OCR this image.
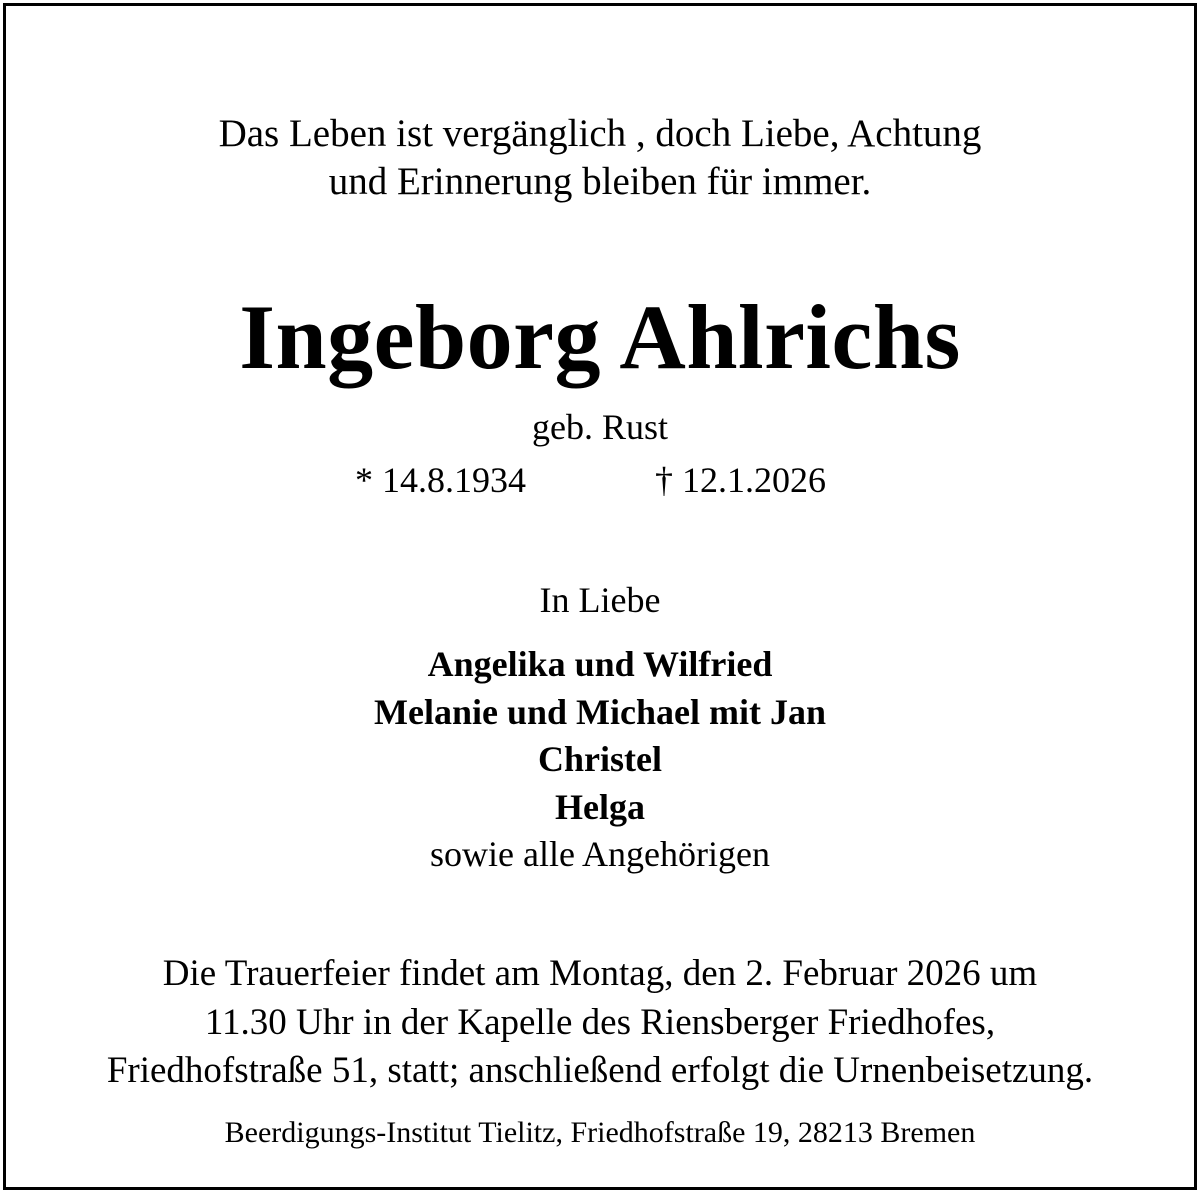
Das Leben ist vergänglich , doch Liebe, Achtung
und Erinnerung bleiben für immer.
Ingeborg Ahlrichs
geb. Rust
* 14.8.1934	† 12.1.2026
In Liebe
Angelika und Wilfried
Melanie und Michael mit Jan
Christel
Helga
sowie alle Angehörigen
Die Trauerfeier findet am Montag, den 2. Februar 2026 um
11.30 Uhr in der Kapelle des Riensberger Friedhofes,
Friedhofstraße 51, statt; anschließend erfolgt die Urnenbeisetzung.
Beerdigungs-Institut Tielitz, Friedhofstraße 19, 28213 Bremen
